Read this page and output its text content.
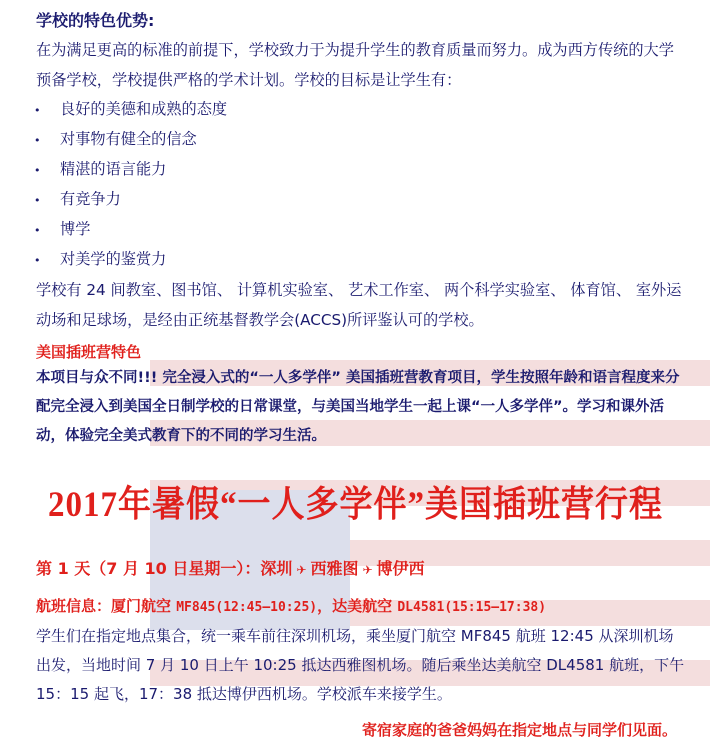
学校的特色优势:
在为满足更高的标准的前提下，学校致力于为提升学生的教育质量而努力。成为西方传统的大学预备学校，学校提供严格的学术计划。学校的目标是让学生有：
• 良好的美德和成熟的态度
• 对事物有健全的信念
• 精湛的语言能力
• 有竞争力
• 博学
• 对美学的鉴赏力
学校有 24 间教室、图书馆、 计算机实验室、 艺术工作室、 两个科学实验室、 体育馆、 室外运动场和足球场，是经由正统基督教学会(ACCS)所评鉴认可的学校。
美国插班营特色
本项目与众不同!!! 完全浸入式的“一人多学伴” 美国插班营教育项目，学生按照年龄和语言程度来分配完全浸入到美国全日制学校的日常课堂，与美国当地学生一起上课“一人多学伴”。学习和课外活动，体验完全美式教育下的不同的学习生活。
2017年暑假“一人多学伴”美国插班营行程
第 1 天（7 月 10 日星期一）：深圳 ✈ 西雅图 ✈ 博伊西
航班信息：厦门航空 MF845(12:45—10:25)，达美航空 DL4581(15:15—17:38)
学生们在指定地点集合，统一乘车前往深圳机场，乘坐厦门航空 MF845 航班 12:45 从深圳机场出发，当地时间 7 月 10 日上午 10:25 抵达西雅图机场。随后乘坐达美航空 DL4581 航班，下午 15：15 起飞，17：38 抵达博伊西机场。学校派车来接学生。
寄宿家庭的爸爸妈妈在指定地点与同学们见面。
